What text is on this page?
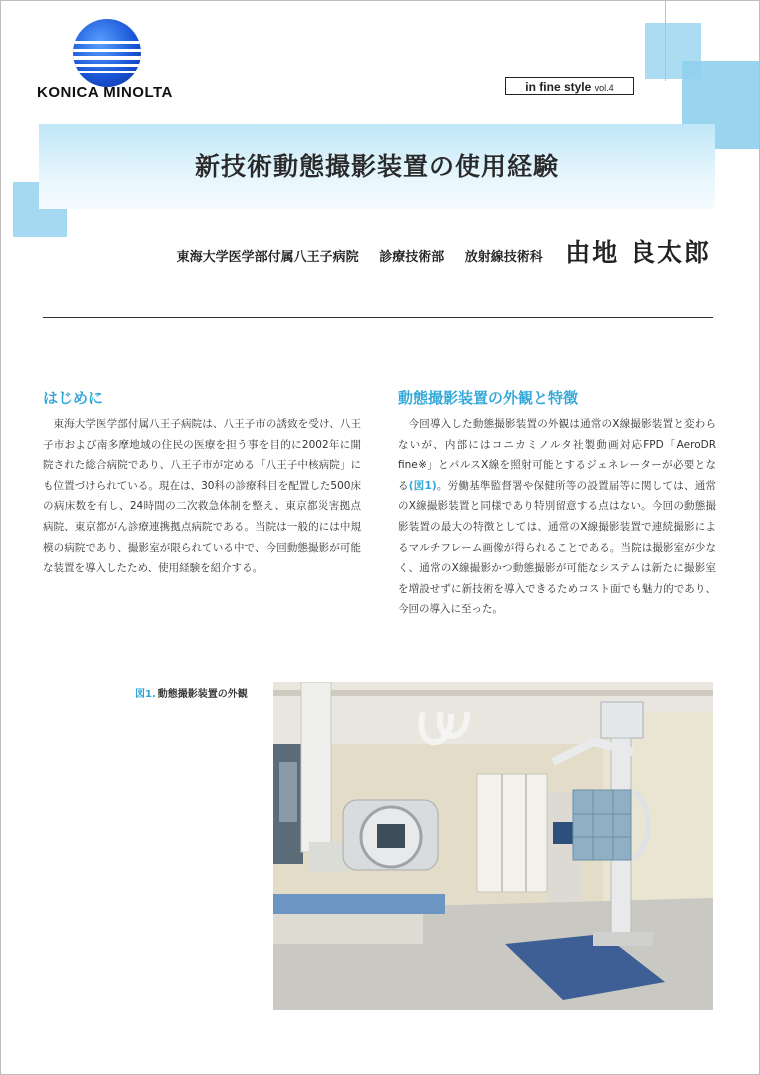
KONICA MINOLTA	in fine style vol.4
新技術動態撮影装置の使用経験
東海大学医学部付属八王子病院 診療技術部 放射線技術科 由地 良太郎
はじめに

東海大学医学部付属八王子病院は、八王子市の誘致を受け、八王子市および南多摩地域の住民の医療を担う事を目的に2002年に開院された総合病院であり、八王子市が定める「八王子中核病院」にも位置づけられている。現在は、30科の診療科目を配置した500床の病床数を有し、24時間の二次救急体制を整え、東京都災害拠点病院、東京都がん診療連携拠点病院である。当院は一般的には中規模の病院であり、撮影室が限られている中で、今回動態撮影が可能な装置を導入したため、使用経験を紹介する。

動態撮影装置の外観と特徴

今回導入した動態撮影装置の外観は通常のX線撮影装置と変わらないが、内部にはコニカミノルタ社製動画対応FPD「AeroDR fine※」とパルスX線を照射可能とするジェネレーターが必要となる(図1)。労働基準監督署や保健所等の設置届等に関しては、通常のX線撮影装置と同様であり特別留意する点はない。今回の動態撮影装置の最大の特徴としては、通常のX線撮影装置で連続撮影によるマルチフレーム画像が得られることである。当院は撮影室が少なく、通常のX線撮影かつ動態撮影が可能なシステムは新たに撮影室を増設せずに新技術を導入できるためコスト面でも魅力的であり、今回の導入に至った。

図1. 動態撮影装置の外観
